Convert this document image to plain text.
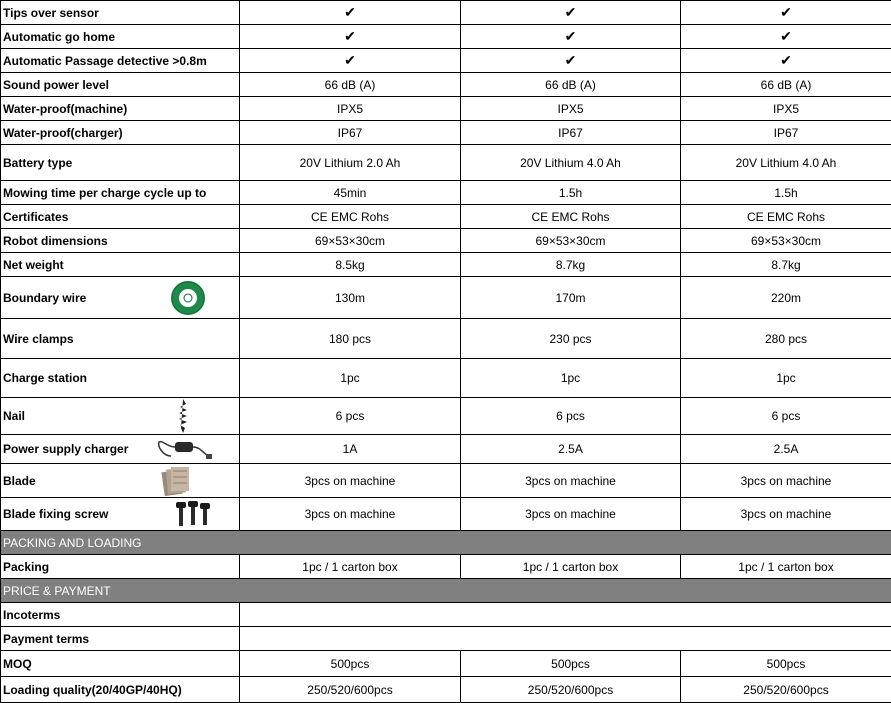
Tips over sensor	✔	✔	✔
Automatic go home	✔	✔	✔
Automatic Passage detective >0.8m	✔	✔	✔
Sound power level	66 dB (A)	66 dB (A)	66 dB (A)
Water-proof(machine)	IPX5	IPX5	IPX5
Water-proof(charger)	IP67	IP67	IP67
Battery type	20V Lithium 2.0 Ah	20V Lithium 4.0 Ah	20V Lithium 4.0 Ah
Mowing time per charge cycle up to	45min	1.5h	1.5h
Certificates	CE EMC Rohs	CE EMC Rohs	CE EMC Rohs
Robot dimensions	69×53×30cm	69×53×30cm	69×53×30cm
Net weight	8.5kg	8.7kg	8.7kg
Boundary wire	130m	170m	220m
Wire clamps	180 pcs	230 pcs	280 pcs
Charge station	1pc	1pc	1pc
Nail	6 pcs	6 pcs	6 pcs
Power supply charger	1A	2.5A	2.5A
Blade	3pcs on machine	3pcs on machine	3pcs on machine
Blade fixing screw	3pcs on machine	3pcs on machine	3pcs on machine
PACKING AND LOADING			
Packing	1pc / 1 carton box	1pc / 1 carton box	1pc / 1 carton box
PRICE & PAYMENT			
Incoterms			
Payment terms			
MOQ	500pcs	500pcs	500pcs
Loading quality(20/40GP/40HQ)	250/520/600pcs	250/520/600pcs	250/520/600pcs
